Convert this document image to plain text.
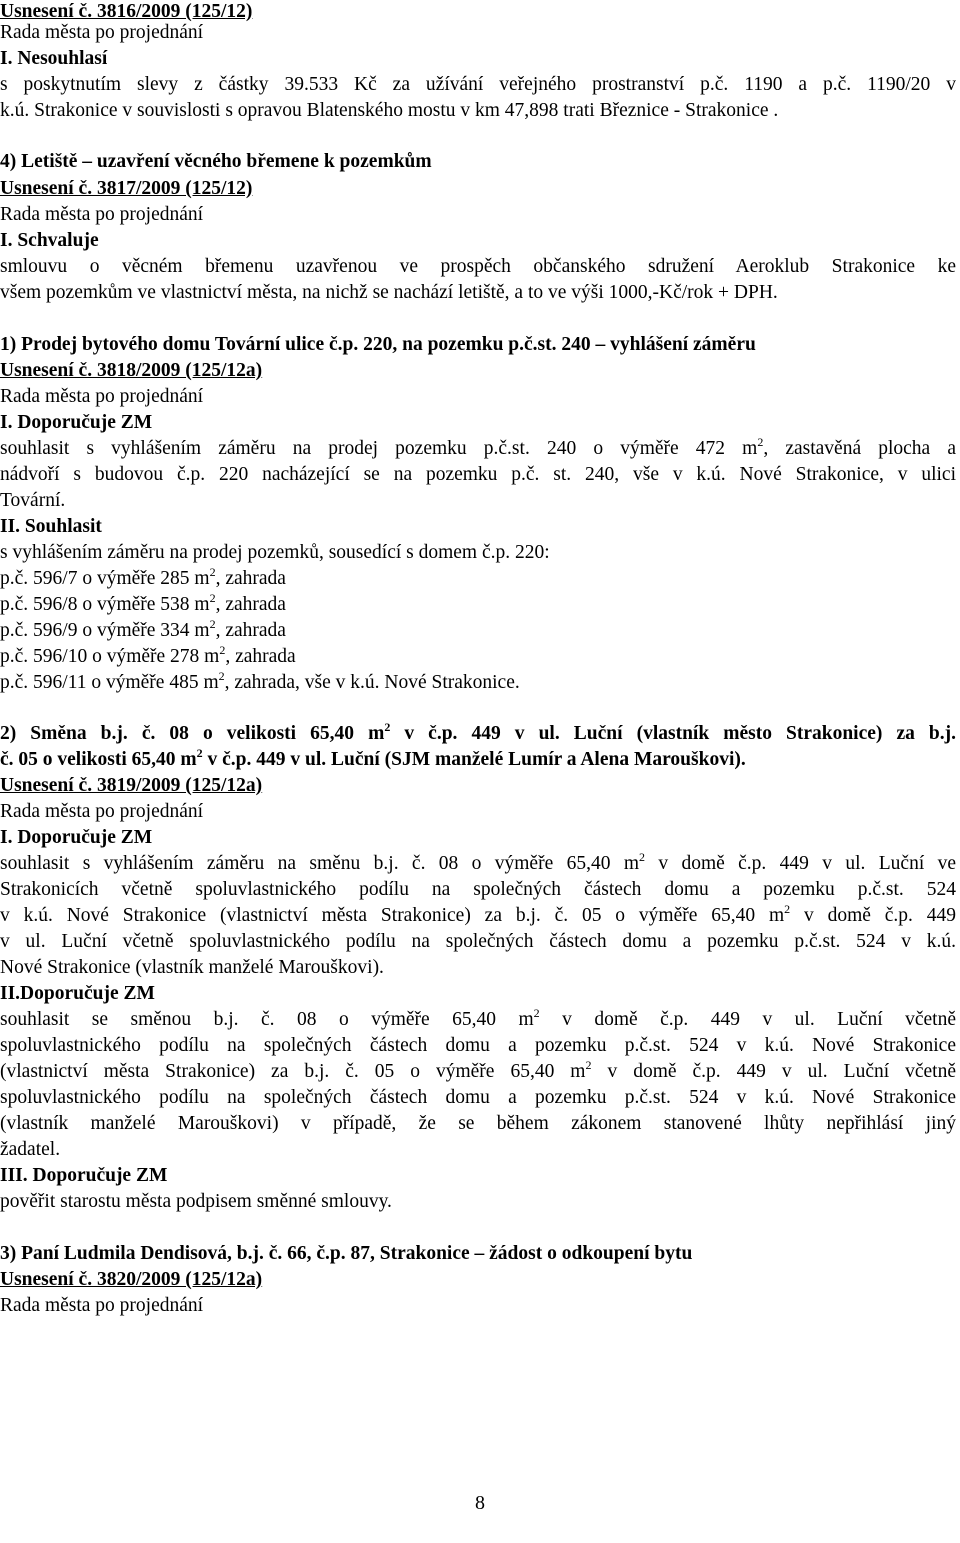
Usnesení č. 3816/2009 (125/12)
Rada města po projednání
I. Nesouhlasí
s poskytnutím slevy z částky 39.533 Kč za užívání veřejného prostranství p.č. 1190 a p.č. 1190/20 v
k.ú. Strakonice v souvislosti s opravou Blatenského mostu v km 47,898 trati Březnice - Strakonice .
4) Letiště – uzavření věcného břemene k pozemkům
Usnesení č. 3817/2009 (125/12)
Rada města po projednání
I. Schvaluje
smlouvu o věcném břemenu uzavřenou ve prospěch občanského sdružení Aeroklub Strakonice ke
všem pozemkům ve vlastnictví města, na nichž se nachází letiště, a to ve výši 1000,-Kč/rok + DPH.
1) Prodej bytového domu Tovární ulice č.p. 220, na pozemku p.č.st. 240 – vyhlášení záměru
Usnesení č. 3818/2009 (125/12a)
Rada města po projednání
I. Doporučuje ZM
souhlasit s vyhlášením záměru na prodej pozemku p.č.st. 240 o výměře 472 $m^2$, zastavěná plocha a
nádvoří s budovou č.p. 220 nacházející se na pozemku p.č. st. 240, vše v k.ú. Nové Strakonice, v ulici
Tovární.
II. Souhlasit
s vyhlášením záměru na prodej pozemků, sousedící s domem č.p. 220:
p.č. 596/7 o výměře 285 $m^2$, zahrada
p.č. 596/8 o výměře 538 $m^2$, zahrada
p.č. 596/9 o výměře 334 $m^2$, zahrada
p.č. 596/10 o výměře 278 $m^2$, zahrada
p.č. 596/11 o výměře 485 $m^2$, zahrada, vše v k.ú. Nové Strakonice.
2) Směna b.j. č. 08 o velikosti 65,40 $m^2$ v č.p. 449 v ul. Luční (vlastník město Strakonice) za b.j.
č. 05 o velikosti 65,40 $m^2$ v č.p. 449 v ul. Luční (SJM manželé Lumír a Alena Marouškovi).
Usnesení č. 3819/2009 (125/12a)
Rada města po projednání
I. Doporučuje ZM
souhlasit s vyhlášením záměru na směnu b.j. č. 08 o výměře 65,40 $m^2$ v domě č.p. 449 v ul. Luční ve
Strakonicích včetně spoluvlastnického podílu na společných částech domu a pozemku p.č.st. 524
v k.ú. Nové Strakonice (vlastnictví města Strakonice) za b.j. č. 05 o výměře 65,40 $m^2$ v domě č.p. 449
v ul. Luční včetně spoluvlastnického podílu na společných částech domu a pozemku p.č.st. 524 v k.ú.
Nové Strakonice (vlastník manželé Marouškovi).
II.Doporučuje ZM
souhlasit se směnou b.j. č. 08 o výměře 65,40 $m^2$ v domě č.p. 449 v ul. Luční včetně
spoluvlastnického podílu na společných částech domu a pozemku p.č.st. 524 v k.ú. Nové Strakonice
(vlastnictví města Strakonice) za b.j. č. 05 o výměře 65,40 $m^2$ v domě č.p. 449 v ul. Luční včetně
spoluvlastnického podílu na společných částech domu a pozemku p.č.st. 524 v k.ú. Nové Strakonice
(vlastník manželé Marouškovi) v případě, že se během zákonem stanovené lhůty nepřihlásí jiný
žadatel.
III. Doporučuje ZM
pověřit starostu města podpisem směnné smlouvy.
3) Paní Ludmila Dendisová, b.j. č. 66, č.p. 87, Strakonice – žádost o odkoupení bytu
Usnesení č. 3820/2009 (125/12a)
Rada města po projednání
8
